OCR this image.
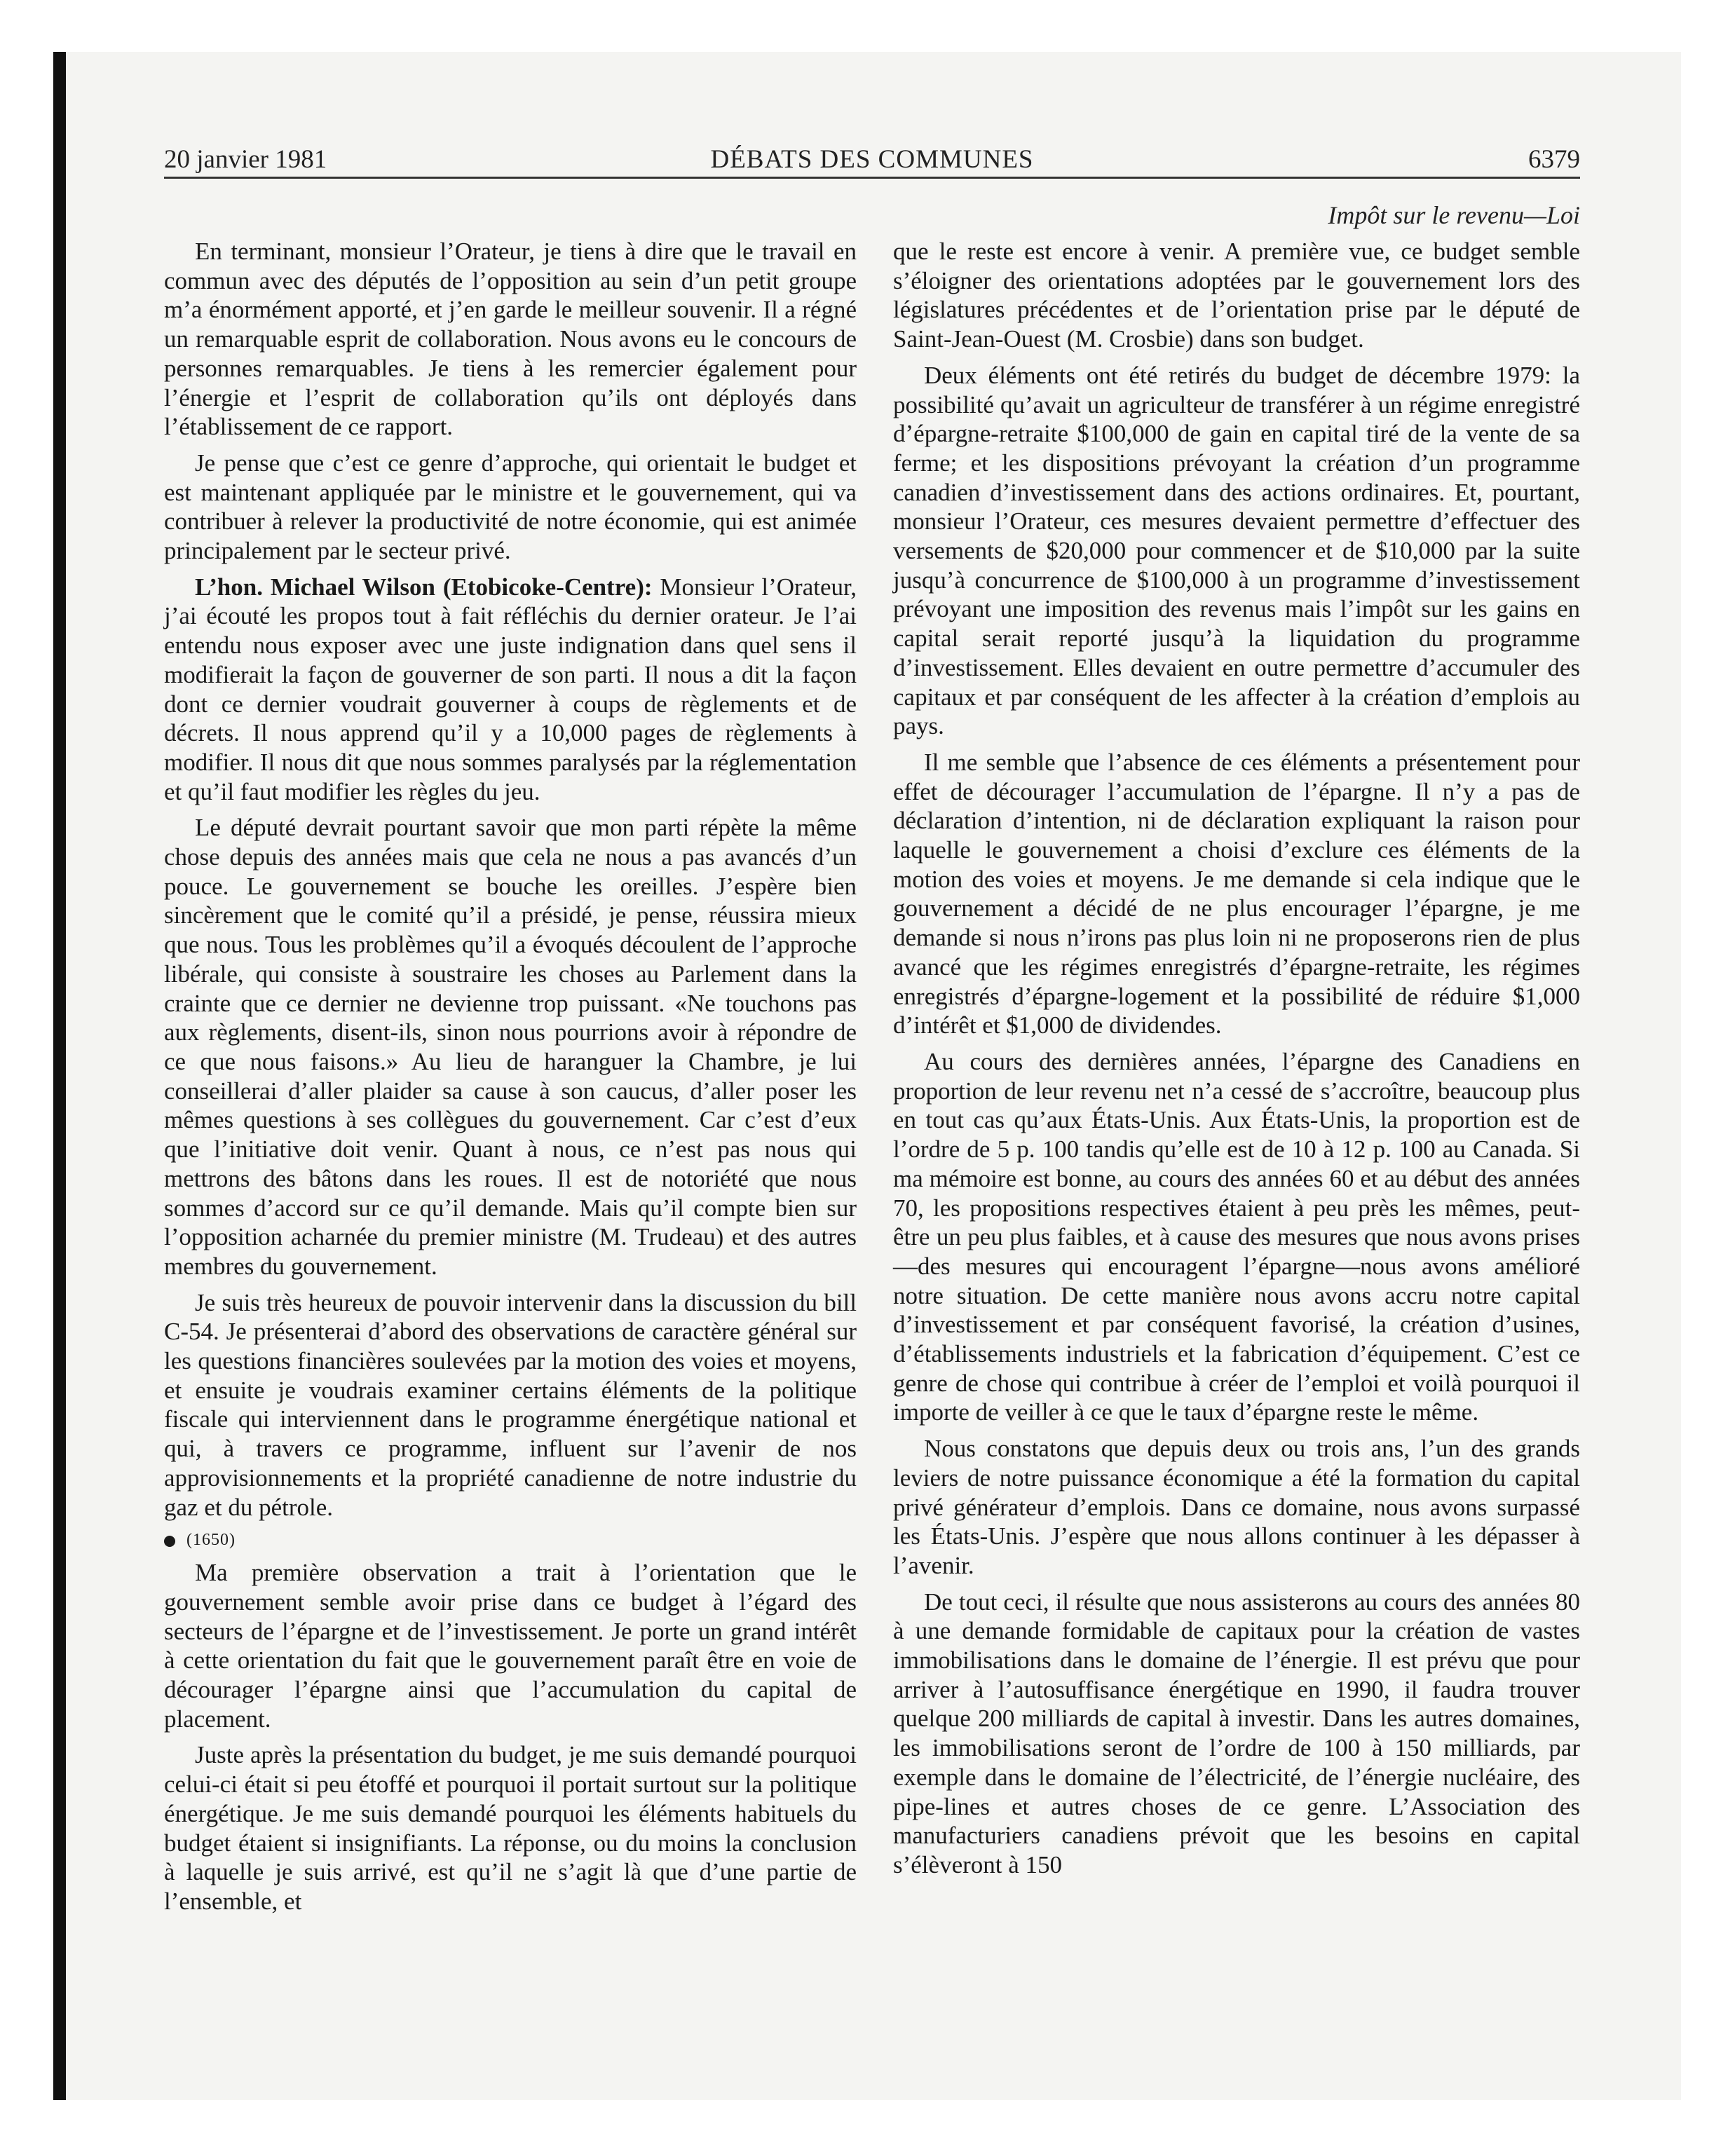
20 janvier 1981	DÉBATS DES COMMUNES	6379
Impôt sur le revenu—Loi

En terminant, monsieur l’Orateur, je tiens à dire que le travail en commun avec des députés de l’opposition au sein d’un petit groupe m’a énormément apporté, et j’en garde le meilleur souvenir. Il a régné un remarquable esprit de collaboration. Nous avons eu le concours de personnes remarquables. Je tiens à les remercier également pour l’énergie et l’esprit de collaboration qu’ils ont déployés dans l’établissement de ce rapport.

Je pense que c’est ce genre d’approche, qui orientait le budget et est maintenant appliquée par le ministre et le gouvernement, qui va contribuer à relever la productivité de notre économie, qui est animée principalement par le secteur privé.

L’hon. Michael Wilson (Etobicoke-Centre): Monsieur l’Orateur, j’ai écouté les propos tout à fait réfléchis du dernier orateur. Je l’ai entendu nous exposer avec une juste indignation dans quel sens il modifierait la façon de gouverner de son parti. Il nous a dit la façon dont ce dernier voudrait gouverner à coups de règlements et de décrets. Il nous apprend qu’il y a 10,000 pages de règlements à modifier. Il nous dit que nous sommes paralysés par la réglementation et qu’il faut modifier les règles du jeu.

Le député devrait pourtant savoir que mon parti répète la même chose depuis des années mais que cela ne nous a pas avancés d’un pouce. Le gouvernement se bouche les oreilles. J’espère bien sincèrement que le comité qu’il a présidé, je pense, réussira mieux que nous. Tous les problèmes qu’il a évoqués découlent de l’approche libérale, qui consiste à soustraire les choses au Parlement dans la crainte que ce dernier ne devienne trop puissant. «Ne touchons pas aux règlements, disent-ils, sinon nous pourrions avoir à répondre de ce que nous faisons.» Au lieu de haranguer la Chambre, je lui conseillerai d’aller plaider sa cause à son caucus, d’aller poser les mêmes questions à ses collègues du gouvernement. Car c’est d’eux que l’initiative doit venir. Quant à nous, ce n’est pas nous qui mettrons des bâtons dans les roues. Il est de notoriété que nous sommes d’accord sur ce qu’il demande. Mais qu’il compte bien sur l’opposition acharnée du premier ministre (M. Trudeau) et des autres membres du gouvernement.

Je suis très heureux de pouvoir intervenir dans la discussion du bill C-54. Je présenterai d’abord des observations de caractère général sur les questions financières soulevées par la motion des voies et moyens, et ensuite je voudrais examiner certains éléments de la politique fiscale qui interviennent dans le programme énergétique national et qui, à travers ce programme, influent sur l’avenir de nos approvisionnements et la propriété canadienne de notre industrie du gaz et du pétrole.

(1650)

Ma première observation a trait à l’orientation que le gouvernement semble avoir prise dans ce budget à l’égard des secteurs de l’épargne et de l’investissement. Je porte un grand intérêt à cette orientation du fait que le gouvernement paraît être en voie de décourager l’épargne ainsi que l’accumulation du capital de placement.

Juste après la présentation du budget, je me suis demandé pourquoi celui-ci était si peu étoffé et pourquoi il portait surtout sur la politique énergétique. Je me suis demandé pourquoi les éléments habituels du budget étaient si insignifiants. La réponse, ou du moins la conclusion à laquelle je suis arrivé, est qu’il ne s’agit là que d’une partie de l’ensemble, et

que le reste est encore à venir. A première vue, ce budget semble s’éloigner des orientations adoptées par le gouvernement lors des législatures précédentes et de l’orientation prise par le député de Saint-Jean-Ouest (M. Crosbie) dans son budget.

Deux éléments ont été retirés du budget de décembre 1979: la possibilité qu’avait un agriculteur de transférer à un régime enregistré d’épargne-retraite $100,000 de gain en capital tiré de la vente de sa ferme; et les dispositions prévoyant la création d’un programme canadien d’investissement dans des actions ordinaires. Et, pourtant, monsieur l’Orateur, ces mesures devaient permettre d’effectuer des versements de $20,000 pour commencer et de $10,000 par la suite jusqu’à concurrence de $100,000 à un programme d’investissement prévoyant une imposition des revenus mais l’impôt sur les gains en capital serait reporté jusqu’à la liquidation du programme d’investissement. Elles devaient en outre permettre d’accumuler des capitaux et par conséquent de les affecter à la création d’emplois au pays.

Il me semble que l’absence de ces éléments a présentement pour effet de décourager l’accumulation de l’épargne. Il n’y a pas de déclaration d’intention, ni de déclaration expliquant la raison pour laquelle le gouvernement a choisi d’exclure ces éléments de la motion des voies et moyens. Je me demande si cela indique que le gouvernement a décidé de ne plus encourager l’épargne, je me demande si nous n’irons pas plus loin ni ne proposerons rien de plus avancé que les régimes enregistrés d’épargne-retraite, les régimes enregistrés d’épargne-logement et la possibilité de réduire $1,000 d’intérêt et $1,000 de dividendes.

Au cours des dernières années, l’épargne des Canadiens en proportion de leur revenu net n’a cessé de s’accroître, beaucoup plus en tout cas qu’aux États-Unis. Aux États-Unis, la proportion est de l’ordre de 5 p. 100 tandis qu’elle est de 10 à 12 p. 100 au Canada. Si ma mémoire est bonne, au cours des années 60 et au début des années 70, les propositions respectives étaient à peu près les mêmes, peut-être un peu plus faibles, et à cause des mesures que nous avons prises—des mesures qui encouragent l’épargne—nous avons amélioré notre situation. De cette manière nous avons accru notre capital d’investissement et par conséquent favorisé, la création d’usines, d’établissements industriels et la fabrication d’équipement. C’est ce genre de chose qui contribue à créer de l’emploi et voilà pourquoi il importe de veiller à ce que le taux d’épargne reste le même.

Nous constatons que depuis deux ou trois ans, l’un des grands leviers de notre puissance économique a été la formation du capital privé générateur d’emplois. Dans ce domaine, nous avons surpassé les États-Unis. J’espère que nous allons continuer à les dépasser à l’avenir.

De tout ceci, il résulte que nous assisterons au cours des années 80 à une demande formidable de capitaux pour la création de vastes immobilisations dans le domaine de l’énergie. Il est prévu que pour arriver à l’autosuffisance énergétique en 1990, il faudra trouver quelque 200 milliards de capital à investir. Dans les autres domaines, les immobilisations seront de l’ordre de 100 à 150 milliards, par exemple dans le domaine de l’électricité, de l’énergie nucléaire, des pipe-lines et autres choses de ce genre. L’Association des manufacturiers canadiens prévoit que les besoins en capital s’élèveront à 150
